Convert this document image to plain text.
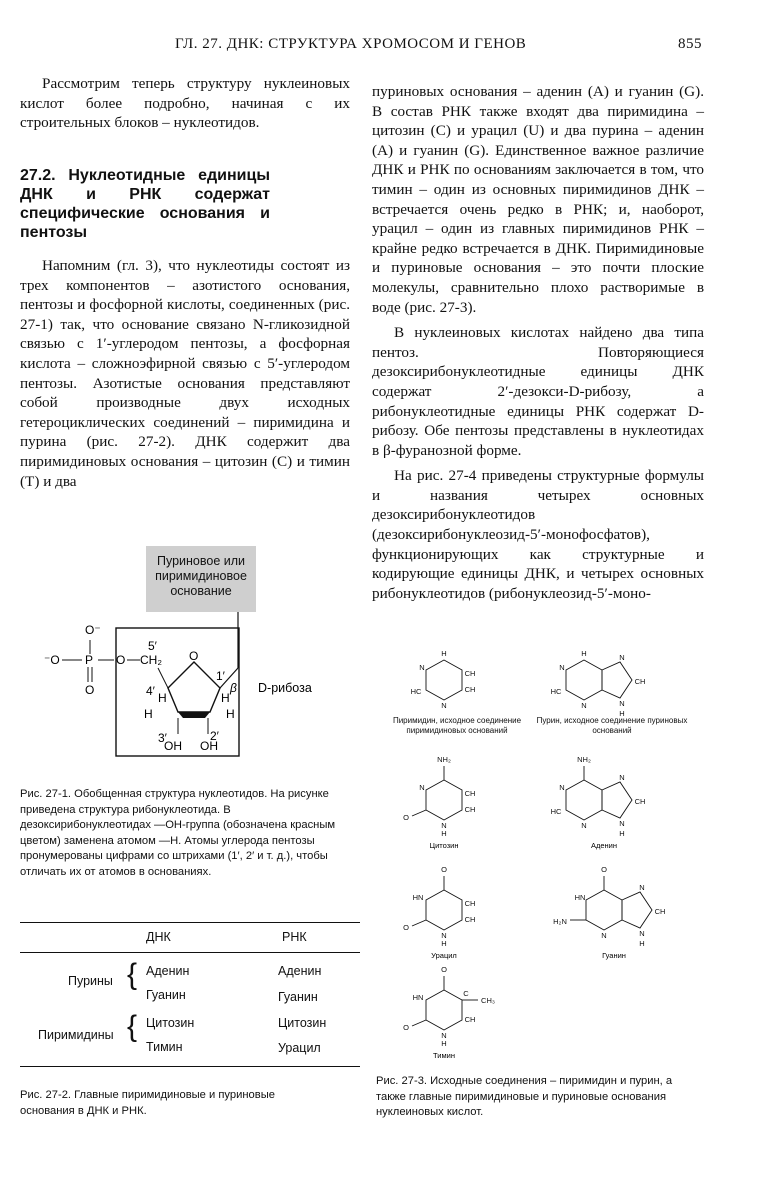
ГЛ. 27. ДНК: СТРУКТУРА ХРОМОСОМ И ГЕНОВ	855

Рассмотрим теперь структуру нуклеиновых кислот более подробно, начиная с их строительных блоков – нуклеотидов.

27.2. Нуклеотидные единицы ДНК и РНК содержат специфические основания и пентозы

Напомним (гл. 3), что нуклеотиды состоят из трех компонентов – азотистого основания, пентозы и фосфорной кислоты, соединенных (рис. 27-1) так, что основание связано N-гликозидной связью с 1′-углеродом пентозы, а фосфорная кислота – сложноэфирной связью с 5′-углеродом пентозы. Азотистые основания представляют собой производные двух исходных гетероциклических соединений – пиримидина и пурина (рис. 27-2). ДНК содержит два пиримидиновых основания – цитозин (С) и тимин (Т) и два

пуриновых основания – аденин (А) и гуанин (G). В состав РНК также входят два пиримидина – цитозин (С) и урацил (U) и два пурина – аденин (А) и гуанин (G). Единственное важное различие ДНК и РНК по основаниям заключается в том, что тимин – один из основных пиримидинов ДНК – встречается очень редко в РНК; и, наоборот, урацил – один из главных пиримидинов РНК – крайне редко встречается в ДНК. Пиримидиновые и пуриновые основания – это почти плоские молекулы, сравнительно плохо растворимые в воде (рис. 27-3).

В нуклеиновых кислотах найдено два типа пентоз. Повторяющиеся дезоксирибонуклеотидные единицы ДНК содержат 2′-дезокси-D-рибозу, а рибонуклеотидные единицы РНК содержат D-рибозу. Обе пентозы представлены в нуклеотидах в β-фуранозной форме.

На рис. 27-4 приведены структурные формулы и названия четырех основных дезоксирибонуклеотидов (дезоксирибонуклеозид-5′-монофосфатов), функционирующих как структурные и кодирующие единицы ДНК, и четырех основных рибонуклеотидов (рибонуклеозид-5′-моно-

Пуриновое или пиримидиновое основание
O⁻
⁻O P O
O
5′
CH₂ O
β
4′
1′
H
H
H
H
3′	2′
OH OH
D-рибоза
Рис. 27-1. Обобщенная структура нуклеотидов. На рисунке приведена структура рибонуклеотида. В дезоксирибонуклеотидах —ОН-группа (обозначена красным цветом) заменена атомом —Н. Атомы углерода пентозы пронумерованы цифрами со штрихами (1′, 2′ и т. д.), чтобы отличать их от атомов в основаниях.
ДНК	РНК
Пурины { Аденин	Аденин
Гуанин	Гуанин
Пиримидины { Цитозин	Цитозин
Тимин	Урацил
Рис. 27-2. Главные пиримидиновые и пуриновые основания в ДНК и РНК.
H
N
CH
HC	CH
N
H
N
N
HC
CH
N	N
H
NH₂
N
CH
O
CH
N
H
NH₂
N
N
HC
CH
N	N
H
O
HN
CH
O
CH
N
H
O
HN
N
H₂N
CH
N	N
H
O
HN	C
CH₃
O
CH
N
H
Пиримидин, исходное соединение пиримидиновых оснований
Пурин, исходное соединение пуриновых оснований
Цитозин	Аденин
Урацил	Гуанин
Тимин
Рис. 27-3. Исходные соединения – пиримидин и пурин, а также главные пиримидиновые и пуриновые основания нуклеиновых кислот.
